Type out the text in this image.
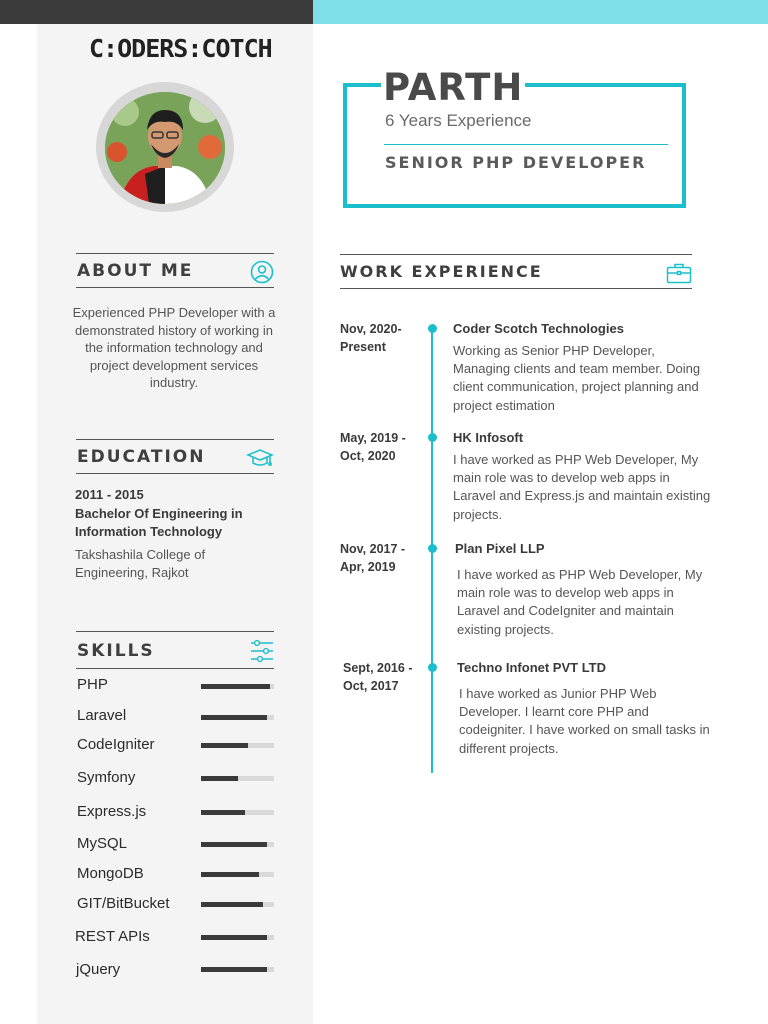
C:ODERS:COTCH
ABOUT ME
Experienced PHP Developer with a demonstrated history of working in the information technology and project development services industry.
EDUCATION
2011 - 2015
Bachelor Of Engineering in Information Technology
Takshashila College of Engineering, Rajkot
SKILLS
PHP
Laravel
CodeIgniter
Symfony
Express.js
MySQL
MongoDB
GIT/BitBucket
REST APIs
jQuery
PARTH
6 Years Experience
SENIOR PHP DEVELOPER
WORK EXPERIENCE
Nov, 2020- Present
Coder Scotch Technologies
Working as Senior PHP Developer, Managing clients and team member. Doing client communication, project planning and project estimation
May, 2019 - Oct, 2020
HK Infosoft
I have worked as PHP Web Developer, My main role was to develop web apps in Laravel and Express.js and maintain existing projects.
Nov, 2017 - Apr, 2019
Plan Pixel LLP
I have worked as PHP Web Developer, My main role was to develop web apps in Laravel and CodeIgniter and maintain existing projects.
Sept, 2016 - Oct, 2017
Techno Infonet PVT LTD
I have worked as Junior PHP Web Developer. I learnt core PHP and codeigniter. I have worked on small tasks in different projects.
